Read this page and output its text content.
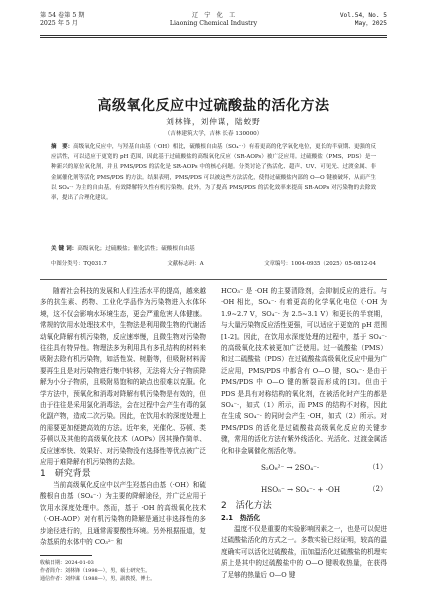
第 54 卷第 5 期
2025 年 5 月
辽　宁　化　工
Liaoning Chemical Industry
Vol.54，No. 5
May，2025
高级氧化反应中过硫酸盐的活化方法
刘林锋，刘仲谋，陆蛟野
（吉林建筑大学，吉林 长春 130000）
摘　要：高级氧化反应中，与羟基自由基（·OH）相比，硫酸根自由基（SO₄⁻·）有着更高的化学氧化电位，更长的半衰期、更强的反应活性，可以适应于更宽的 pH 范围，因此基于过硫酸盐的高级氧化反应（SR-AOPs）被广泛应用。过硫酸盐（PMS，PDS）是一种新兴的原位氧化剂，并且 PMS/PDS 的活化是 SR-AOPs 中的核心问题。分类讨论了热活化、超声、UV、可见光、过渡金属、非金属催化剂等活化 PMS/PDS 的方法。结果表明，PMS/PDS 可以被这些方法活化，使得过硫酸盐内部的 O—O 键被破坏，从而产生以 SO₄⁻· 为主的自由基，有效降解特久性有机污染物。此外，为了提高 PMS/PDS 的活化效率来提高 SR-AOPs 对污染物的去除效率，提出了合理化建议。
关 键 词：高级氧化；过硫酸盐；催化活性；硫酸根自由基
中图分类号：TQ031.7	文献标志码：A	文章编号：1004-0935（2025）05-0812-04

随着社会科技的发展和人们生活水平的提高，越来越多的抗生素、药物、工业化学品作为污染物进入水体环境，这不仅会影响水环境生态，更会严重危害人体健康。常规的饮用水处理技术中，生物法是利用微生物的代谢活动氧化降解有机污染物，反应速率慢，且微生物对污染物往往具有特异性。物理法多为利用具有多孔结构的材料来吸附去除有机污染物，如活性炭、树脂等，但吸附材料需要再生且是对污染物进行集中转移，无法将大分子物质降解为小分子物质，且吸附易饱和的缺点也很难以克服。化学方法中，预氧化和消毒对降解有机污染物是有效的，但由于往往是采用氯化消毒法，会在过程中会产生有毒的氯化副产物，造成二次污染。因此，在饮用水的深度处理上的需要更加便捷高效的方法。近年来，光催化、芬顿、类芬顿以及其他的高级氧化技术（AOPs）因其操作简单、反应速率快、效果好、对污染物没有选择性等优点被广泛应用于难降解有机污染物的去除。

1　研究背景

当前高级氧化反应中以产生羟基自由基（·OH）和硫酸根自由基（SO₄⁻·）为主要的降解途径，并广泛应用于饮用水深度处理中。然而，基于 ·OH 的高级氧化技术（·OH-AOP）对有机污染物的降解是通过非选择性的多步途径进行的，且通常需要酸性环境。另外根据报道，复杂基质的水体中的 CO₃²⁻ 和

HCO₃⁻ 是 ·OH 的主要清除剂，会抑制反应的进行。与 ·OH 相比，SO₄⁻· 有着更高的化学氧化电位（·OH 为 1.9~2.7 V，SO₄⁻· 为 2.5~3.1 V）和更长的半衰期，与大量污染物反应活性更强，可以适应于更宽的 pH 范围[1-2]。因此，在饮用水深度处理的过程中，基于 SO₄⁻· 的高级氧化技术被更加广泛使用。过一硫酸盐（PMS）和过二硫酸盐（PDS）在过硫酸盐高级氧化反应中最为广泛应用，PMS/PDS 中都含有 O—O 键，SO₄⁻· 是由于 PMS/PDS 中 O—O 键的断裂而形成的[3]。但由于 PDS 是具有对称结构的氧化剂，在被活化时产生的都是 SO₄⁻·，如式（1）所示，而 PMS 的结构不对称，因此在生成 SO₄⁻· 的同时会产生 ·OH，如式（2）所示。对 PMS/PDS 的活化是过硫酸盐高级氧化反应的关键步骤，常用的活化方法有紫外线活化、光活化、过渡金属活化和非金属催化剂活化等。

S₂O₈²⁻ → 2SO₄⁻·	（1）
HSO₅⁻ → SO₄⁻· + ·OH	（2）

2　活化方法

2.1　热活化

温度不仅是重要的实验影响因素之一，也是可以促进过硫酸盐活化的方式之一。多数实验已经证明，较高的温度确实可以活化过硫酸盐，而加温活化过硫酸盐的机理实质上是其中的过硫酸盐中的 O—O 键吸收热量，在获得了足够的热量后 O—O 键

收稿日期：2024-01-03
作者简介：刘林锋（1998—），男，硕士研究生。
通信作者：刘仲谋（1988—），男，副教授，博士。
